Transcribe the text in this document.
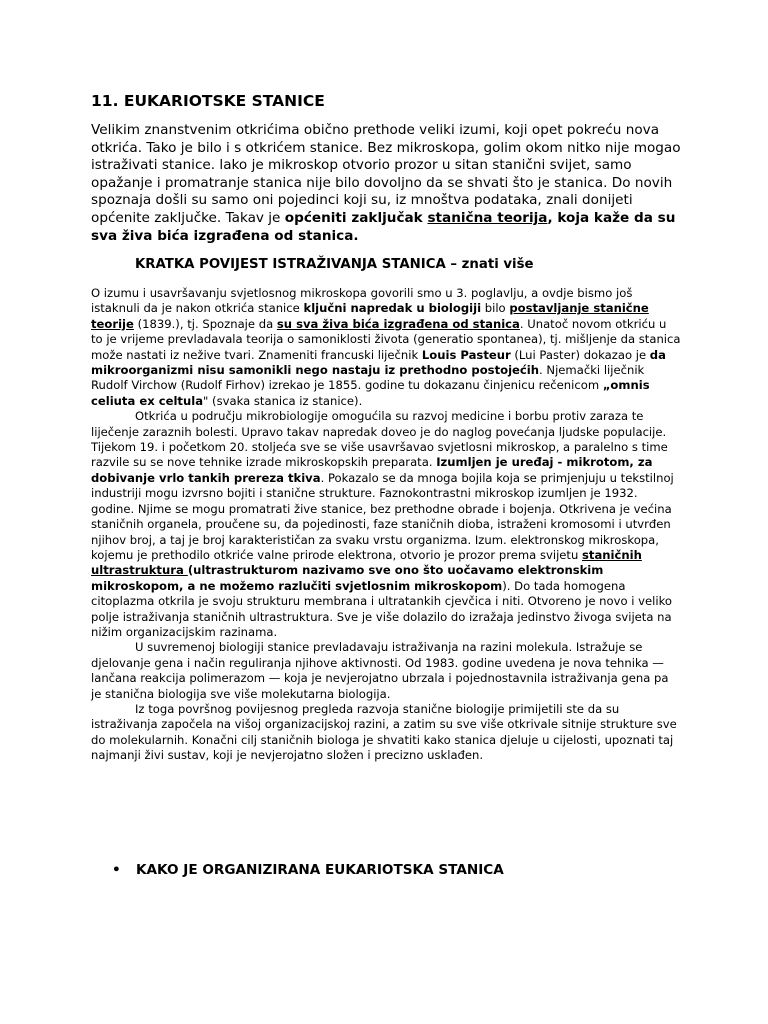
11. EUKARIOTSKE STANICE

Velikim znanstvenim otkrićima obično prethode veliki izumi, koji opet pokreću nova otkrića. Tako je bilo i s otkrićem stanice. Bez mikroskopa, golim okom nitko nije mogao istraživati stanice. lako je mikroskop otvorio prozor u sitan stanični svijet, samo opažanje i promatranje stanica nije bilo dovoljno da se shvati što je stanica. Do novih spoznaja došli su samo oni pojedinci koji su, iz mnoštva podataka, znali donijeti općenite zaključke. Takav je općeniti zaključak stanična teorija, koja kaže da su sva živa bića izgrađena od stanica.

KRATKA POVIJEST ISTRAŽIVANJA STANICA – znati više

O izumu i usavršavanju svjetlosnog mikroskopa govorili smo u 3. poglavlju, a ovdje bismo još istaknuli da je nakon otkrića stanice ključni napredak u biologiji bilo postavljanje stanične teorije (1839.), tj. Spoznaje da su sva živa bića izgrađena od stanica. Unatoč novom otkriću u to je vrijeme prevladavala teorija o samoniklosti života (generatio spontanea), tj. mišljenje da stanica može nastati iz nežive tvari. Znameniti francuski liječnik Louis Pasteur (Lui Paster) dokazao je da mikroorganizmi nisu samonikli nego nastaju iz prethodno postojećih. Njemački liječnik Rudolf Virchow (Rudolf Firhov) izrekao je 1855. godine tu dokazanu činjenicu rečenicom „omnis celiuta ex celtula" (svaka stanica iz stanice).

Otkrića u području mikrobiologije omogućila su razvoj medicine i borbu protiv zaraza te liječenje zaraznih bolesti. Upravo takav napredak doveo je do naglog povećanja ljudske populacije. Tijekom 19. i početkom 20. stoljeća sve se više usavršavao svjetlosni mikroskop, a paralelno s time razvile su se nove tehnike izrade mikroskopskih preparata. Izumljen je uređaj - mikrotom, za dobivanje vrlo tankih prereza tkiva. Pokazalo se da mnoga bojila koja se primjenjuju u tekstilnoj industriji mogu izvrsno bojiti i stanične strukture. Faznokontrastni mikroskop izumljen je 1932. godine. Njime se mogu promatrati žive stanice, bez prethodne obrade i bojenja. Otkrivena je većina staničnih organela, proučene su, da pojedinosti, faze staničnih dioba, istraženi kromosomi i utvrđen njihov broj, a taj je broj karakterističan za svaku vrstu organizma. Izum. elektronskog mikroskopa, kojemu je prethodilo otkriće valne prirode elektrona, otvorio je prozor prema svijetu staničnih ultrastruktura (ultrastrukturom nazivamo sve ono što uočavamo elektronskim mikroskopom, a ne možemo razlučiti svjetlosnim mikroskopom). Do tada homogena citoplazma otkrila je svoju strukturu membrana i ultratankih cjevčica i niti. Otvoreno je novo i veliko polje istraživanja staničnih ultrastruktura. Sve je više dolazilo do izražaja jedinstvo živoga svijeta na nižim organizacijskim razinama.

U suvremenoj biologiji stanice prevladavaju istraživanja na razini molekula. Istražuje se djelovanje gena i način reguliranja njihove aktivnosti. Od 1983. godine uvedena je nova tehnika — lančana reakcija polimerazom — koja je nevjerojatno ubrzala i pojednostavnila istraživanja gena pa je stanična biologija sve više molekutarna biologija.

Iz toga površnog povijesnog pregleda razvoja stanične biologije primijetili ste da su istraživanja započela na višoj organizacijskoj razini, a zatim su sve više otkrivale sitnije strukture sve do molekularnih. Konačni cilj staničnih biologa je shvatiti kako stanica djeluje u cijelosti, upoznati taj najmanji živi sustav, koji je nevjerojatno složen i precizno usklađen.

• KAKO JE ORGANIZIRANA EUKARIOTSKA STANICA
